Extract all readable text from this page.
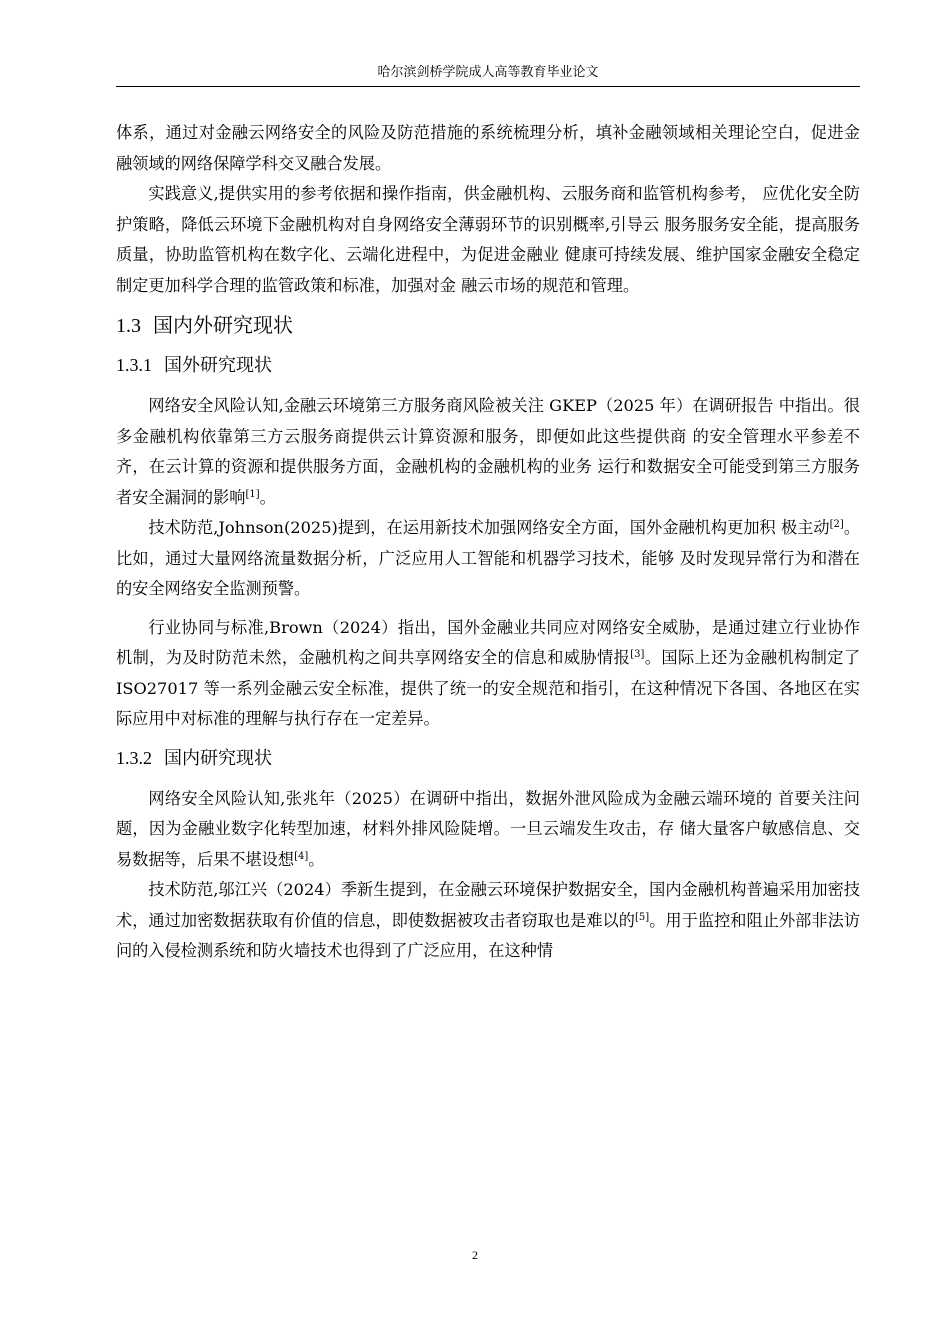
哈尔滨剑桥学院成人高等教育毕业论文

体系，通过对金融云网络安全的风险及防范措施的系统梳理分析，填补金融领域相关理论空白，促进金融领域的网络保障学科交叉融合发展。

实践意义,提供实用的参考依据和操作指南，供金融机构、云服务商和监管机构参考， 应优化安全防护策略，降低云环境下金融机构对自身网络安全薄弱环节的识别概率,引导云 服务服务安全能，提高服务质量，协助监管机构在数字化、云端化进程中，为促进金融业 健康可持续发展、维护国家金融安全稳定制定更加科学合理的监管政策和标准，加强对金 融云市场的规范和管理。

1.3 国内外研究现状
1.3.1 国外研究现状

网络安全风险认知,金融云环境第三方服务商风险被关注 GKEP（2025 年）在调研报告 中指出。很多金融机构依靠第三方云服务商提供云计算资源和服务，即便如此这些提供商 的安全管理水平参差不齐，在云计算的资源和提供服务方面，金融机构的金融机构的业务 运行和数据安全可能受到第三方服务者安全漏洞的影响[1]。

技术防范,Johnson(2025)提到，在运用新技术加强网络安全方面，国外金融机构更加积 极主动[2]。比如，通过大量网络流量数据分析，广泛应用人工智能和机器学习技术，能够 及时发现异常行为和潜在的安全网络安全监测预警。

行业协同与标准,Brown（2024）指出，国外金融业共同应对网络安全威胁，是通过建立行业协作机制，为及时防范未然，金融机构之间共享网络安全的信息和威胁情报[3]。国际上还为金融机构制定了 ISO27017 等一系列金融云安全标准，提供了统一的安全规范和指引，在这种情况下各国、各地区在实际应用中对标准的理解与执行存在一定差异。

1.3.2 国内研究现状

网络安全风险认知,张兆年（2025）在调研中指出，数据外泄风险成为金融云端环境的 首要关注问题，因为金融业数字化转型加速，材料外排风险陡增。一旦云端发生攻击，存 储大量客户敏感信息、交易数据等，后果不堪设想[4]。

技术防范,邬江兴（2024）季新生提到，在金融云环境保护数据安全，国内金融机构普遍采用加密技术，通过加密数据获取有价值的信息，即使数据被攻击者窃取也是难以的[5]。用于监控和阻止外部非法访问的入侵检测系统和防火墙技术也得到了广泛应用，在这种情

2
